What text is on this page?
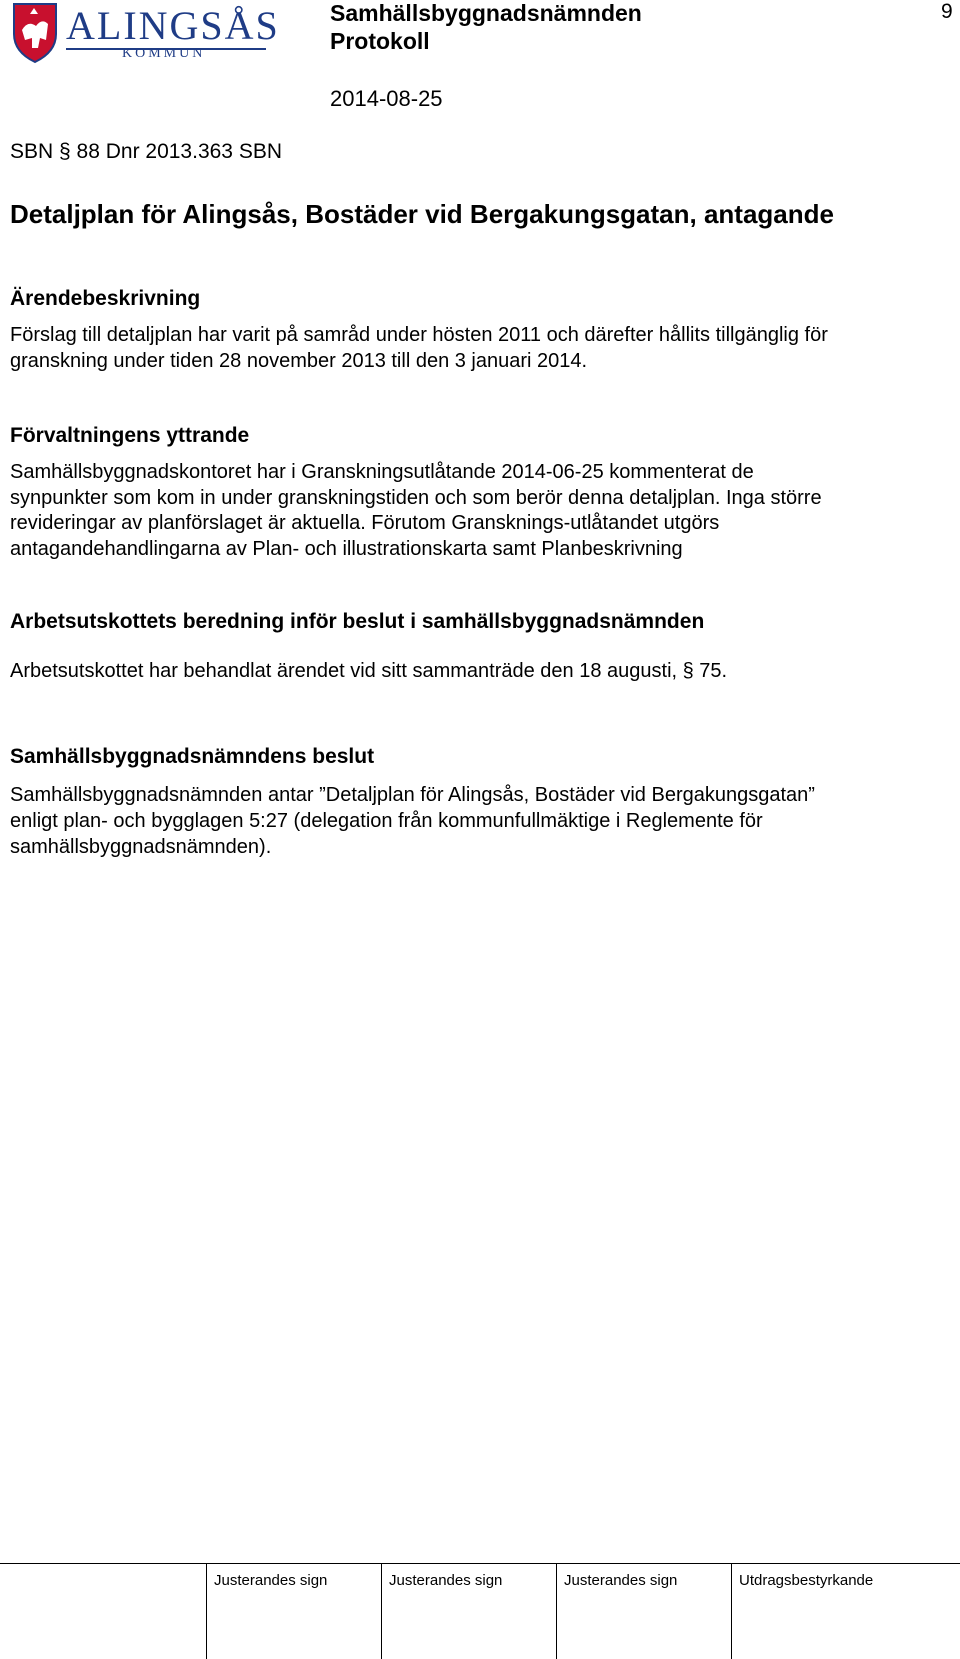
ALINGSÅS
KOMMUN
Samhällsbyggnadsnämnden
Protokoll
9
2014-08-25
SBN § 88 Dnr 2013.363 SBN
Detaljplan för Alingsås, Bostäder vid Bergakungsgatan, antagande
Ärendebeskrivning
Förslag till detaljplan har varit på samråd under hösten 2011 och därefter hållits tillgänglig för
granskning under tiden 28 november 2013 till den 3 januari 2014.
Förvaltningens yttrande
Samhällsbyggnadskontoret har i Granskningsutlåtande 2014-06-25 kommenterat de
synpunkter som kom in under granskningstiden och som berör denna detaljplan. Inga större
revideringar av planförslaget är aktuella. Förutom Gransknings-utlåtandet utgörs
antagandehandlingarna av Plan- och illustrationskarta samt Planbeskrivning
Arbetsutskottets beredning inför beslut i samhällsbyggnadsnämnden
Arbetsutskottet har behandlat ärendet vid sitt sammanträde den 18 augusti, § 75.
Samhällsbyggnadsnämndens beslut
Samhällsbyggnadsnämnden antar ”Detaljplan för Alingsås, Bostäder vid Bergakungsgatan”
enligt plan- och bygglagen 5:27 (delegation från kommunfullmäktige i Reglemente för
samhällsbyggnadsnämnden).
Justerandes sign	Justerandes sign	Justerandes sign	Utdragsbestyrkande
